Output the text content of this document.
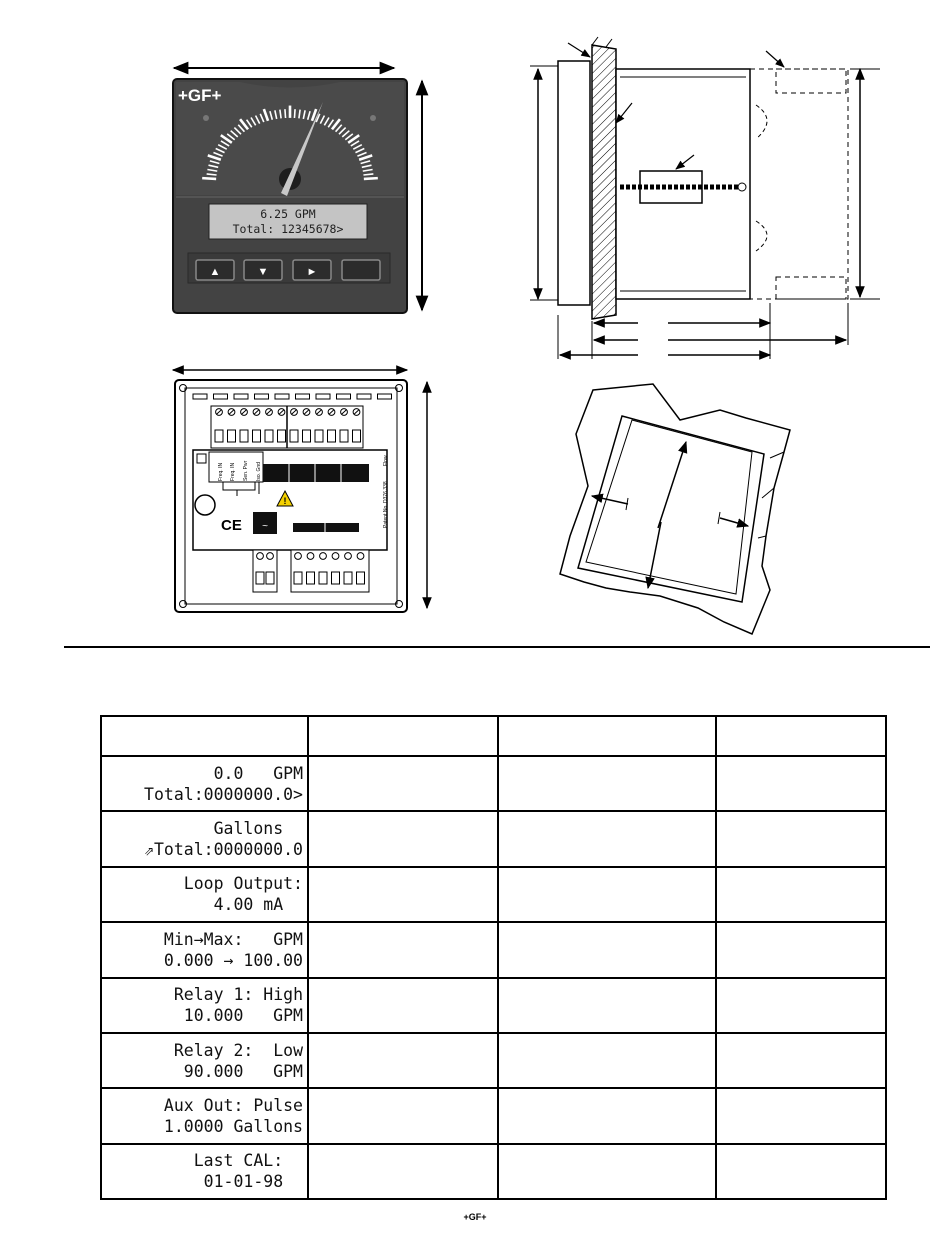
+GF+
6.25 GPM
Total: 12345678>
▲	▼	►
Freq. IN Freq. IN Sen. Pwr Iso. Gnd
Patent No. D376,338
Flow
CE
!
~

0.0   GPM
Total:0000000.0>			

Gallons
⇗Total:0000000.0			

Loop Output:
4.00 mA			

Min→Max:   GPM
0.000 → 100.00			

Relay 1: High
10.000   GPM			

Relay 2:  Low
90.000   GPM			

Aux Out: Pulse
1.0000 Gallons			

Last CAL:
01-01-98			

+GF+
